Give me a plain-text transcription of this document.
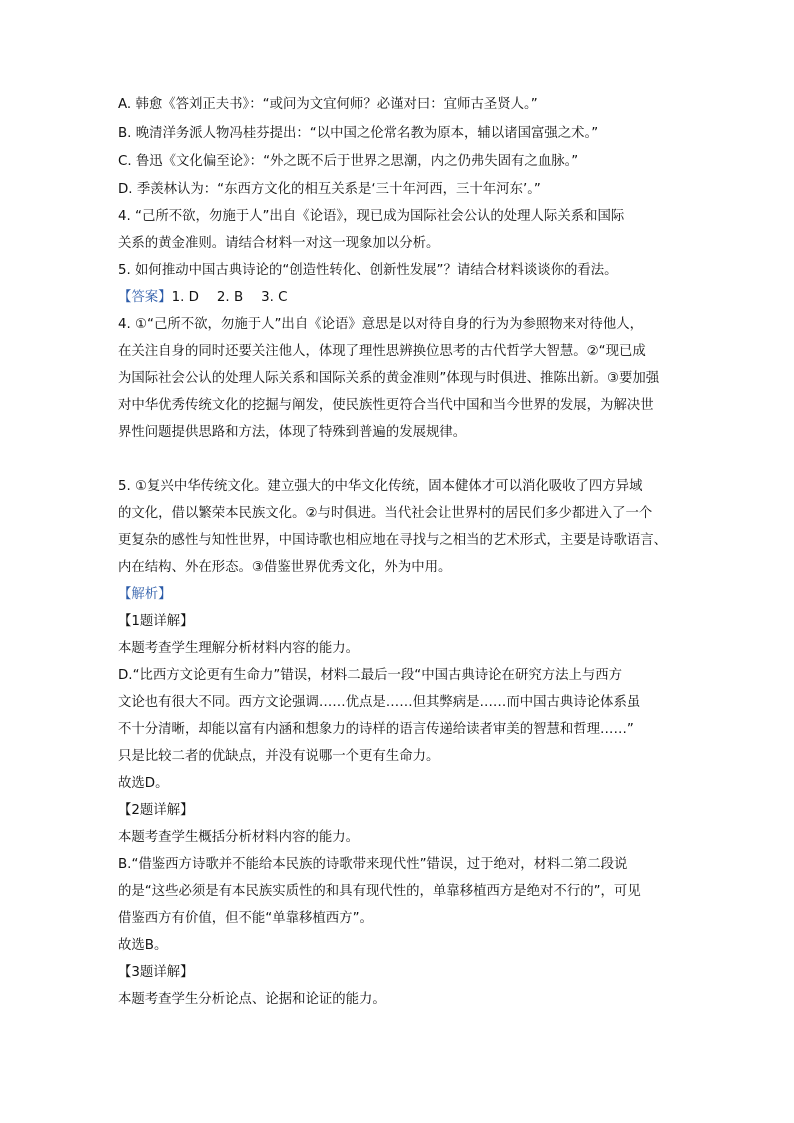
A. 韩愈《答刘正夫书》：“或问为文宜何师？必谨对曰：宜师古圣贤人。”
B. 晚清洋务派人物冯桂芬提出：“以中国之伦常名教为原本，辅以诸国富强之术。”
C. 鲁迅《文化偏至论》：“外之既不后于世界之思潮，内之仍弗失固有之血脉。”
D. 季羡林认为：“东西方文化的相互关系是‘三十年河西，三十年河东’。”
4. “己所不欲，勿施于人”出自《论语》，现已成为国际社会公认的处理人际关系和国际
关系的黄金准则。请结合材料一对这一现象加以分析。
5. 如何推动中国古典诗论的“创造性转化、创新性发展”？请结合材料谈谈你的看法。
【答案】1. D 2. B 3. C
4. ①“己所不欲，勿施于人”出自《论语》意思是以对待自身的行为为参照物来对待他人，
在关注自身的同时还要关注他人，体现了理性思辨换位思考的古代哲学大智慧。②“现已成
为国际社会公认的处理人际关系和国际关系的黄金准则”体现与时俱进、推陈出新。③要加强
对中华优秀传统文化的挖掘与阐发，使民族性更符合当代中国和当今世界的发展，为解决世
界性问题提供思路和方法，体现了特殊到普遍的发展规律。
5. ①复兴中华传统文化。建立强大的中华文化传统，固本健体才可以消化吸收了四方异域
的文化，借以繁荣本民族文化。②与时俱进。当代社会让世界村的居民们多少都进入了一个
更复杂的感性与知性世界，中国诗歌也相应地在寻找与之相当的艺术形式，主要是诗歌语言、
内在结构、外在形态。③借鉴世界优秀文化，外为中用。
【解析】
【1题详解】
本题考查学生理解分析材料内容的能力。
D.“比西方文论更有生命力”错误，材料二最后一段“中国古典诗论在研究方法上与西方
文论也有很大不同。西方文论强调……优点是……但其弊病是……而中国古典诗论体系虽
不十分清晰，却能以富有内涵和想象力的诗样的语言传递给读者审美的智慧和哲理……”
只是比较二者的优缺点，并没有说哪一个更有生命力。
故选D。
【2题详解】
本题考查学生概括分析材料内容的能力。
B.“借鉴西方诗歌并不能给本民族的诗歌带来现代性”错误，过于绝对，材料二第二段说
的是“这些必须是有本民族实质性的和具有现代性的，单靠移植西方是绝对不行的”，可见
借鉴西方有价值，但不能“单靠移植西方”。
故选B。
【3题详解】
本题考查学生分析论点、论据和论证的能力。
